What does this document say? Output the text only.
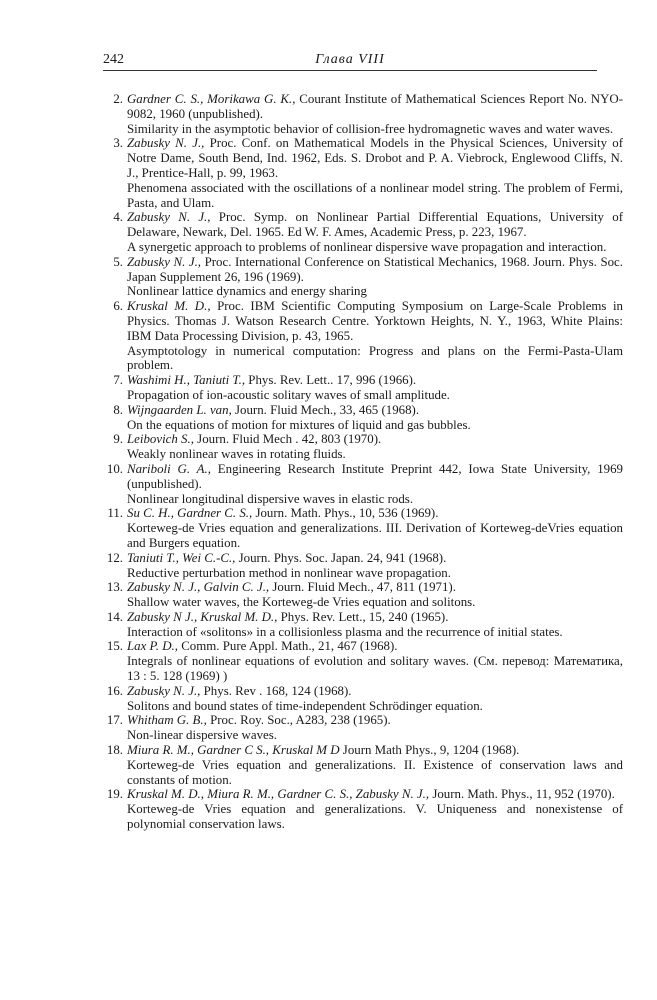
242	Глава VIII
2. Gardner C. S., Morikawa G. K., Courant Institute of Mathematical Sciences Report No. NYO-9082, 1960 (unpublished).
Similarity in the asymptotic behavior of collision-free hydromagnetic waves and water waves.
3. Zabusky N. J., Proc. Conf. on Mathematical Models in the Physical Sciences, University of Notre Dame, South Bend, Ind. 1962, Eds. S. Drobot and P. A. Viebrock, Englewood Cliffs, N. J., Prentice-Hall, p. 99, 1963.
Phenomena associated with the oscillations of a nonlinear model string. The problem of Fermi, Pasta, and Ulam.
4. Zabusky N. J., Proc. Symp. on Nonlinear Partial Differential Equations, University of Delaware, Newark, Del. 1965. Ed W. F. Ames, Academic Press, p. 223, 1967.
A synergetic approach to problems of nonlinear dispersive wave propagation and interaction.
5. Zabusky N. J., Proc. International Conference on Statistical Mechanics, 1968. Journ. Phys. Soc. Japan Supplement 26, 196 (1969).
Nonlinear lattice dynamics and energy sharing
6. Kruskal M. D., Proc. IBM Scientific Computing Symposium on Large-Scale Problems in Physics. Thomas J. Watson Research Centre. Yorktown Heights, N. Y., 1963, White Plains: IBM Data Processing Division, p. 43, 1965.
Asymptotology in numerical computation: Progress and plans on the Fermi-Pasta-Ulam problem.
7. Washimi H., Taniuti T., Phys. Rev. Lett.. 17, 996 (1966).
Propagation of ion-acoustic solitary waves of small amplitude.
8. Wijngaarden L. van, Journ. Fluid Mech., 33, 465 (1968).
On the equations of motion for mixtures of liquid and gas bubbles.
9. Leibovich S., Journ. Fluid Mech . 42, 803 (1970).
Weakly nonlinear waves in rotating fluids.
10. Nariboli G. A., Engineering Research Institute Preprint 442, Iowa State University, 1969 (unpublished).
Nonlinear longitudinal dispersive waves in elastic rods.
11. Su C. H., Gardner C. S., Journ. Math. Phys., 10, 536 (1969).
Korteweg-de Vries equation and generalizations. III. Derivation of Korteweg-deVries equation and Burgers equation.
12. Taniuti T., Wei C.-C., Journ. Phys. Soc. Japan. 24, 941 (1968).
Reductive perturbation method in nonlinear wave propagation.
13. Zabusky N. J., Galvin C. J., Journ. Fluid Mech., 47, 811 (1971).
Shallow water waves, the Korteweg-de Vries equation and solitons.
14. Zabusky N J., Kruskal M. D., Phys. Rev. Lett., 15, 240 (1965).
Interaction of «solitons» in a collisionless plasma and the recurrence of initial states.
15. Lax P. D., Comm. Pure Appl. Math., 21, 467 (1968).
Integrals of nonlinear equations of evolution and solitary waves. (См. перевод: Математика, 13 : 5. 128 (1969) )
16. Zabusky N. J., Phys. Rev . 168, 124 (1968).
Solitons and bound states of time-independent Schrödinger equation.
17. Whitham G. B., Proc. Roy. Soc., A283, 238 (1965).
Non-linear dispersive waves.
18. Miura R. M., Gardner C S., Kruskal M D Journ Math Phys., 9, 1204 (1968).
Korteweg-de Vries equation and generalizations. II. Existence of conservation laws and constants of motion.
19. Kruskal M. D., Miura R. M., Gardner C. S., Zabusky N. J., Journ. Math. Phys., 11, 952 (1970).
Korteweg-de Vries equation and generalizations. V. Uniqueness and nonexistense of polynomial conservation laws.
